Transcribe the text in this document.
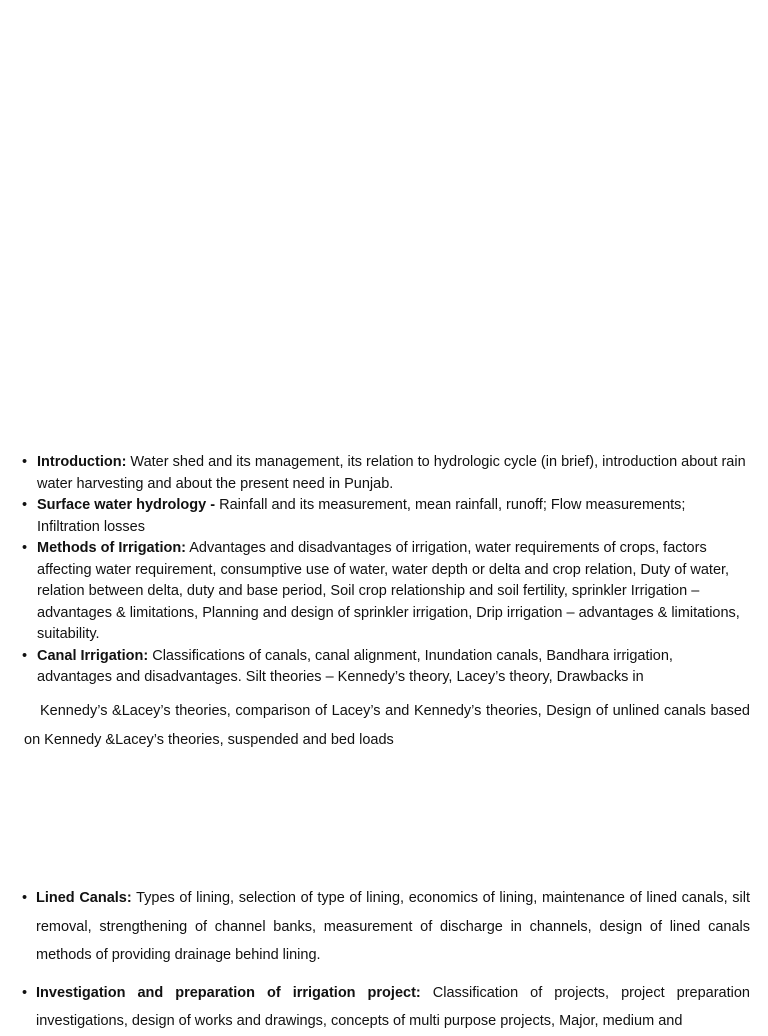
• Introduction: Water shed and its management, its relation to hydrologic cycle (in brief), introduction about rain water harvesting and about the present need in Punjab.
• Surface water hydrology - Rainfall and its measurement, mean rainfall, runoff; Flow measurements; Infiltration losses
• Methods of Irrigation: Advantages and disadvantages of irrigation, water requirements of crops, factors affecting water requirement, consumptive use of water, water depth or delta and crop relation, Duty of water, relation between delta, duty and base period, Soil crop relationship and soil fertility, sprinkler Irrigation – advantages & limitations, Planning and design of sprinkler irrigation, Drip irrigation – advantages & limitations, suitability.
• Canal Irrigation: Classifications of canals, canal alignment, Inundation canals, Bandhara irrigation, advantages and disadvantages. Silt theories – Kennedy’s theory, Lacey’s theory, Drawbacks in

Kennedy’s &Lacey’s theories, comparison of Lacey’s and Kennedy’s theories, Design of unlined canals based on Kennedy &Lacey’s theories, suspended and bed loads

• Lined Canals: Types of lining, selection of type of lining, economics of lining, maintenance of lined canals, silt removal, strengthening of channel banks, measurement of discharge in channels, design of lined canals methods of providing drainage behind lining.
• Investigation and preparation of irrigation project: Classification of projects, project preparation investigations, design of works and drawings, concepts of multi purpose projects, Major, medium and
